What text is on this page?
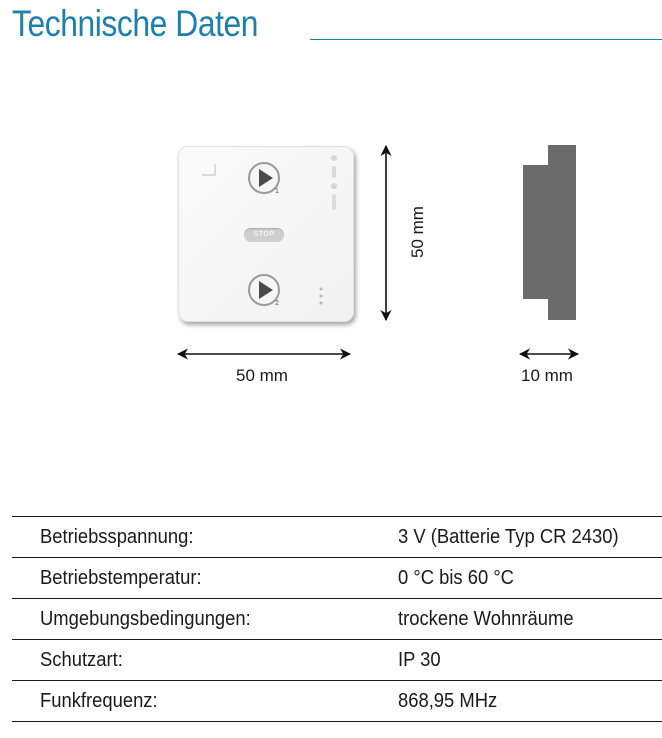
Technische Daten
1
STOP
2
50 mm
50 mm
10 mm
Betriebsspannung:	3 V (Batterie Typ CR 2430)
Betriebstemperatur:	0 °C bis 60 °C
Umgebungsbedingungen:	trockene Wohnräume
Schutzart:	IP 30
Funkfrequenz:	868,95 MHz
